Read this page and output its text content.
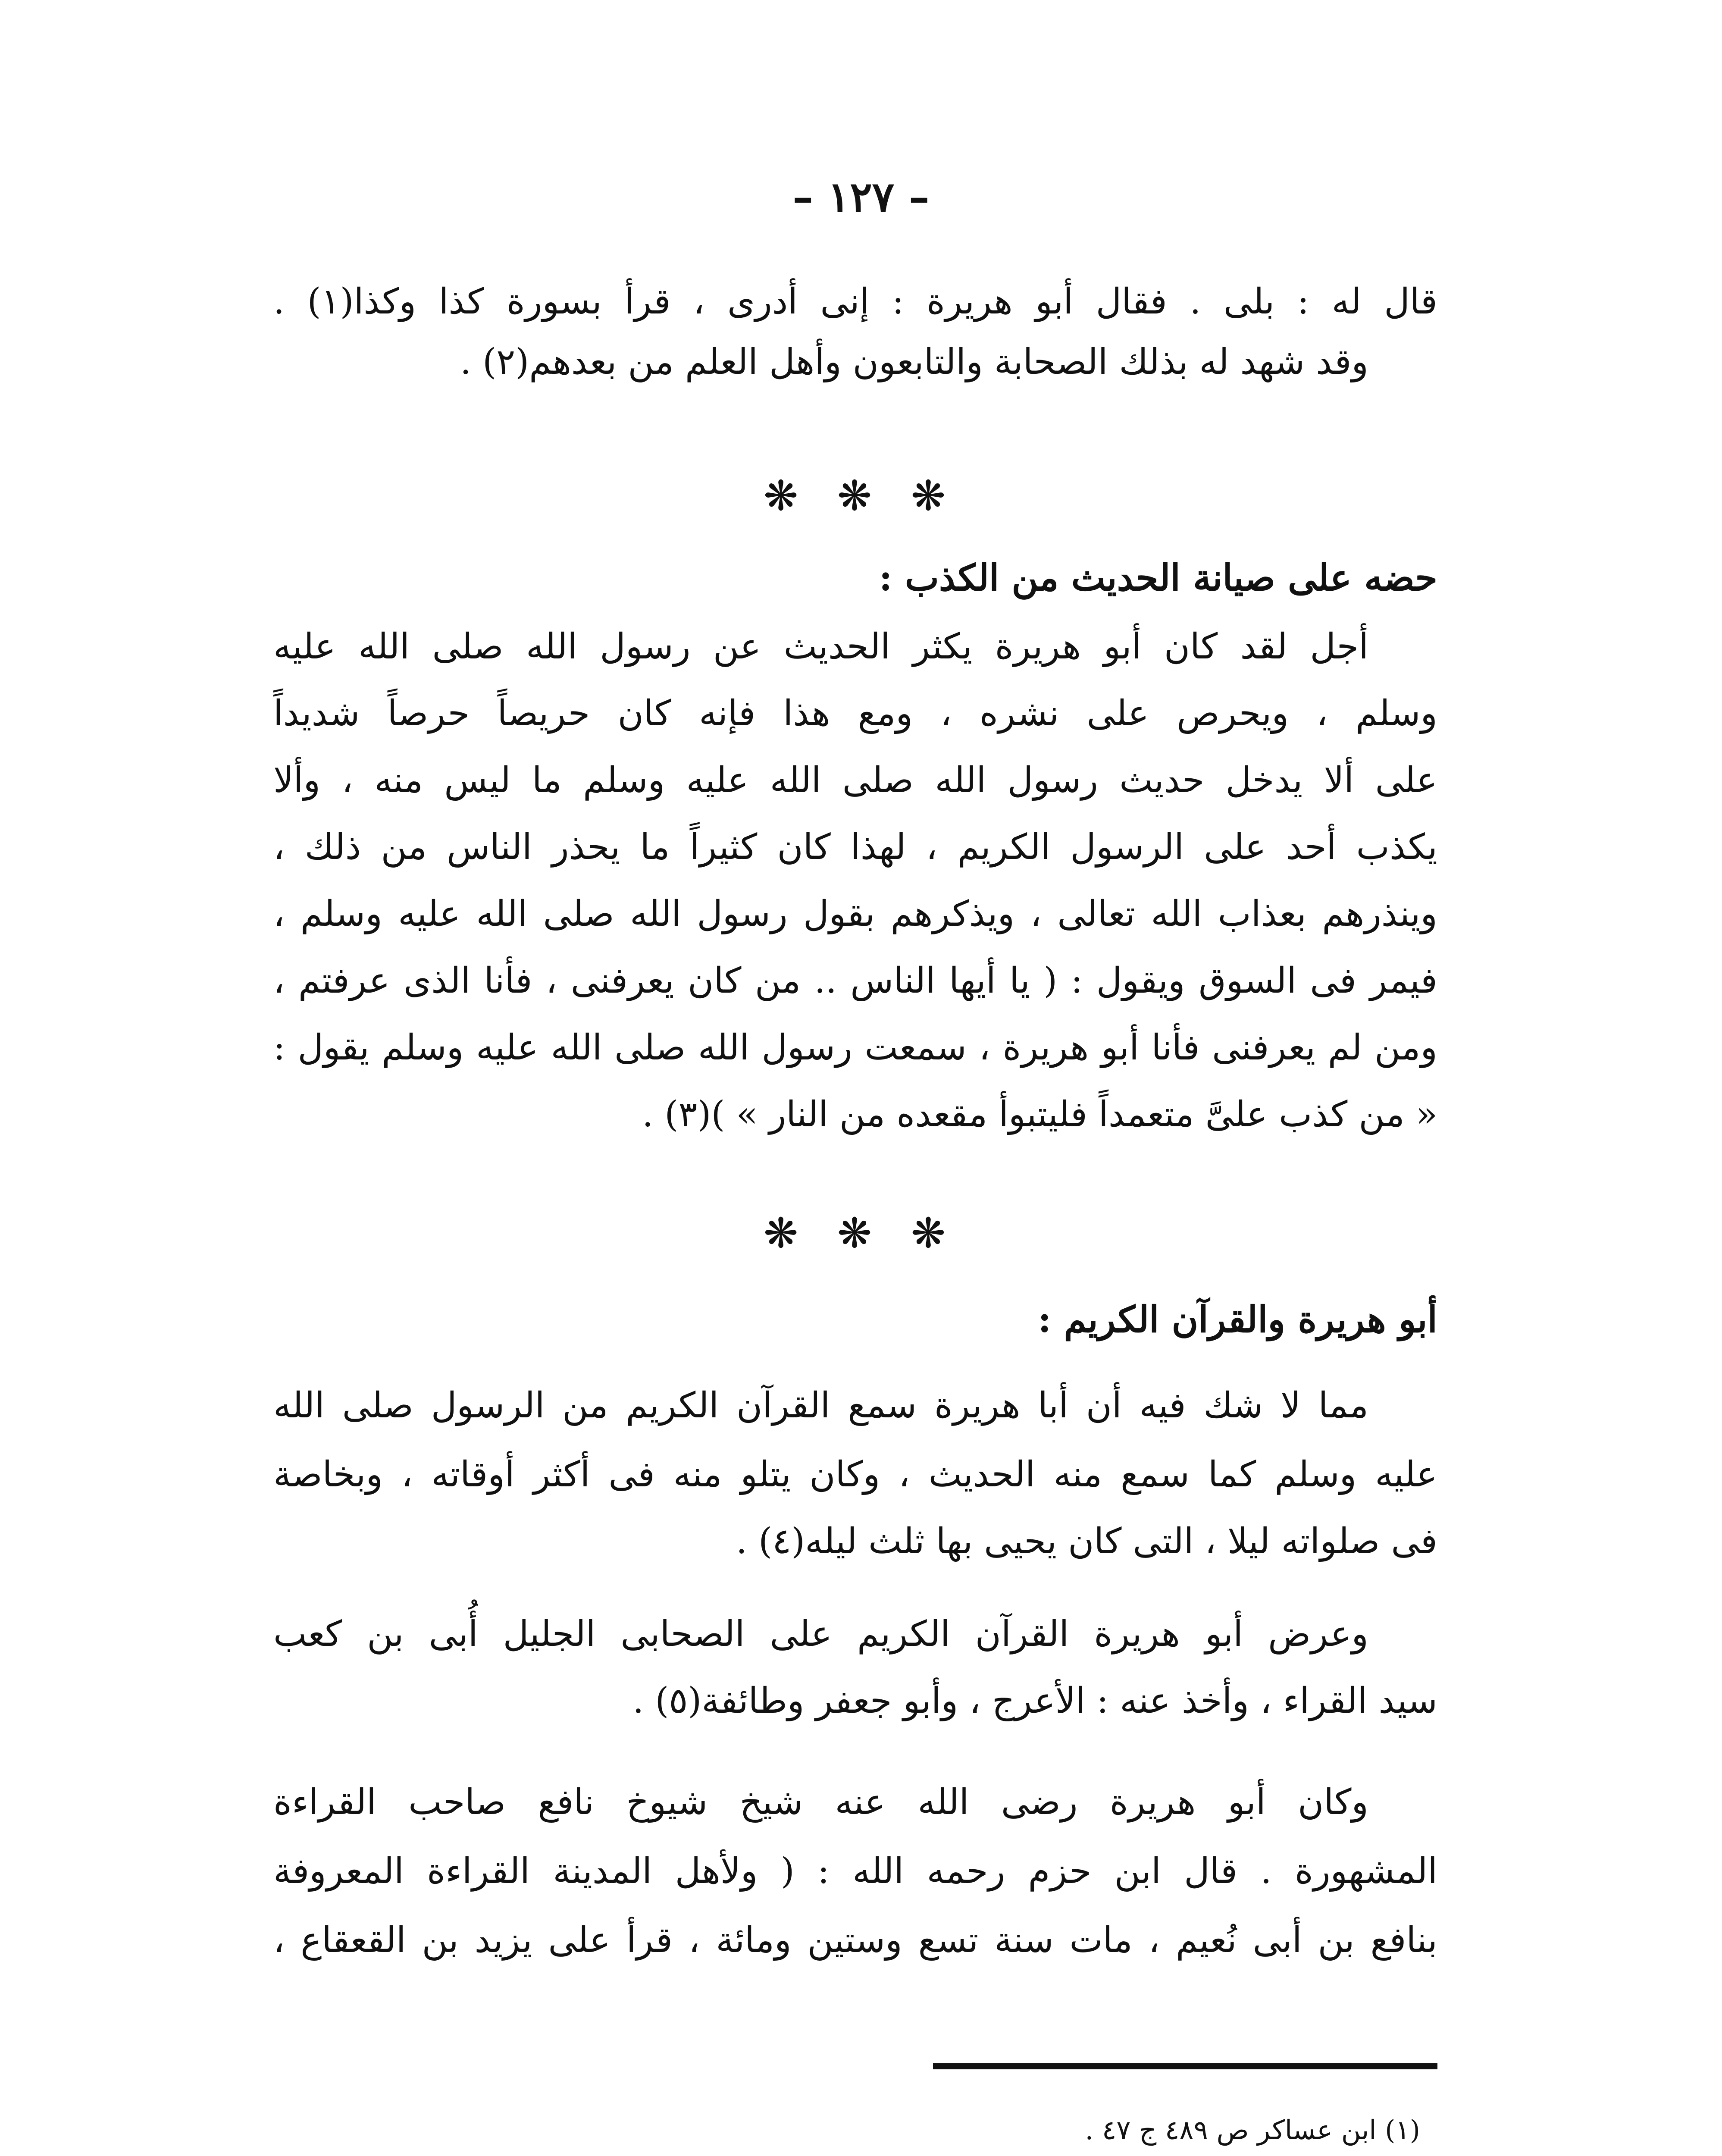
– ١٢٧ –
قال له : بلى . فقال أبو هريرة : إنى أدرى ، قرأ بسورة كذا وكذا(١) .
وقد شهد له بذلك الصحابة والتابعون وأهل العلم من بعدهم(٢) .
❋ ❋ ❋
حضه على صيانة الحديث من الكذب :
أجل لقد كان أبو هريرة يكثر الحديث عن رسول الله صلى الله عليه
وسلم ، ويحرص على نشره ، ومع هذا فإنه كان حريصاً حرصاً شديداً
على ألا يدخل حديث رسول الله صلى الله عليه وسلم ما ليس منه ، وألا
يكذب أحد على الرسول الكريم ، لهذا كان كثيراً ما يحذر الناس من ذلك ،
وينذرهم بعذاب الله تعالى ، ويذكرهم بقول رسول الله صلى الله عليه وسلم ،
فيمر فى السوق ويقول : ( يا أيها الناس .. من كان يعرفنى ، فأنا الذى عرفتم ،
ومن لم يعرفنى فأنا أبو هريرة ، سمعت رسول الله صلى الله عليه وسلم يقول :
« من كذب علىَّ متعمداً فليتبوأ مقعده من النار » )(٣) .
❋ ❋ ❋
أبو هريرة والقرآن الكريم :
مما لا شك فيه أن أبا هريرة سمع القرآن الكريم من الرسول صلى الله
عليه وسلم كما سمع منه الحديث ، وكان يتلو منه فى أكثر أوقاته ، وبخاصة
فى صلواته ليلا ، التى كان يحيى بها ثلث ليله(٤) .
وعرض أبو هريرة القرآن الكريم على الصحابى الجليل أُبى بن كعب
سيد القراء ، وأخذ عنه : الأعرج ، وأبو جعفر وطائفة(٥) .
وكان أبو هريرة رضى الله عنه شيخ شيوخ نافع صاحب القراءة
المشهورة . قال ابن حزم رحمه الله : ( ولأهل المدينة القراءة المعروفة
بنافع بن أبى نُعيم ، مات سنة تسع وستين ومائة ، قرأ على يزيد بن القعقاع ،
(١) ابن عساكر ص ٤٨٩ ج ٤٧ .
